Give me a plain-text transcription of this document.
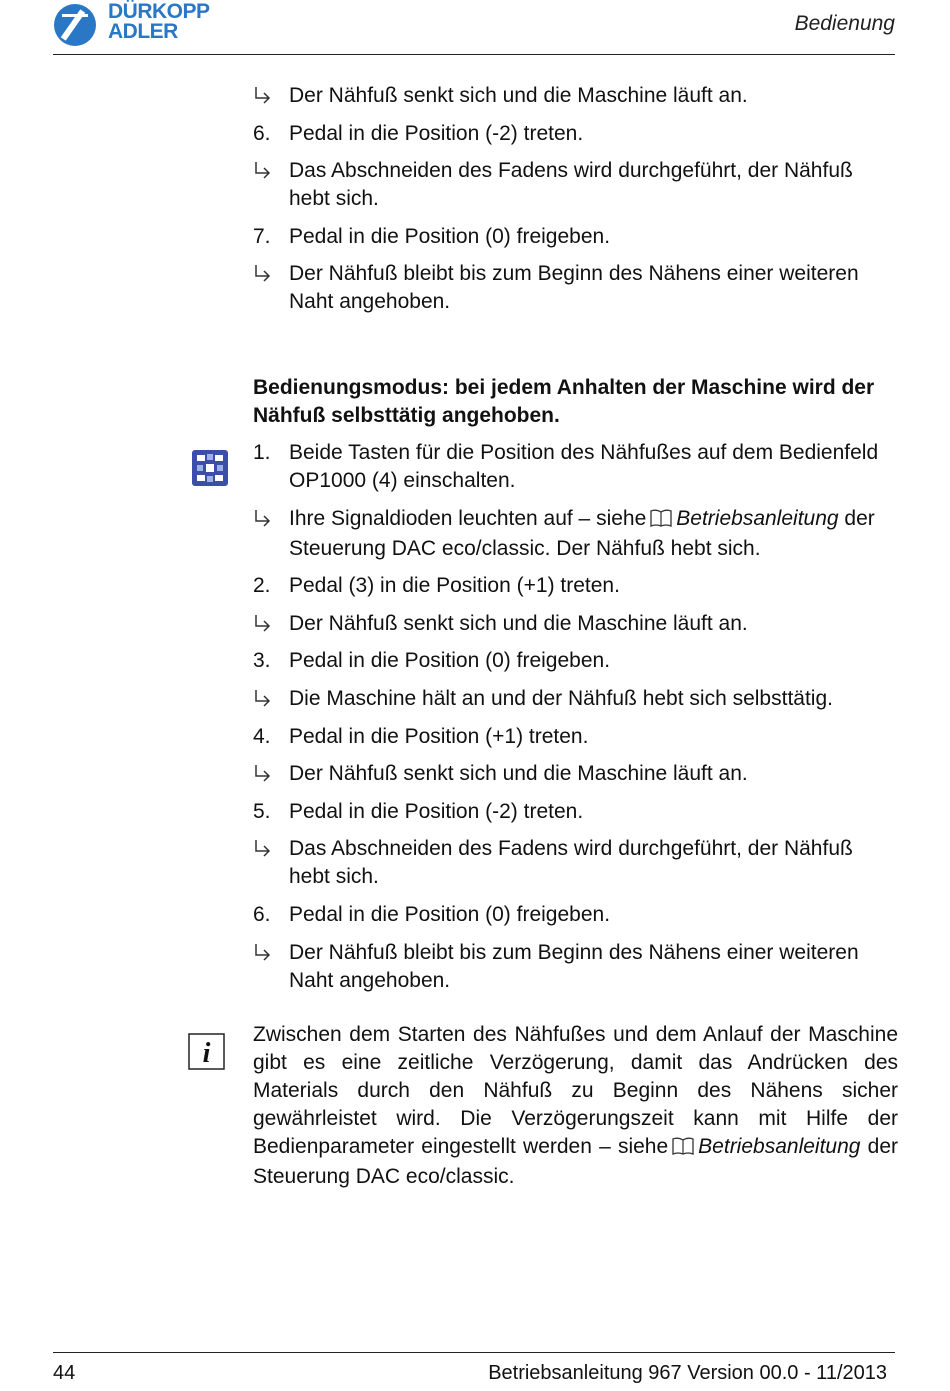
DÜRKOPP
ADLER	Bedienung
Der Nähfuß senkt sich und die Maschine läuft an.
6. Pedal in die Position (-2) treten.
Das Abschneiden des Fadens wird durchgeführt, der Nähfuß hebt sich.
7. Pedal in die Position (0) freigeben.
Der Nähfuß bleibt bis zum Beginn des Nähens einer weiteren Naht angehoben.
Bedienungsmodus: bei jedem Anhalten der Maschine wird der Nähfuß selbsttätig angehoben.
1. Beide Tasten für die Position des Nähfußes auf dem Bedienfeld OP1000 (4) einschalten.
Ihre Signaldioden leuchten auf – siehe Betriebsanleitung der Steuerung DAC eco/classic. Der Nähfuß hebt sich.
2. Pedal (3) in die Position (+1) treten.
Der Nähfuß senkt sich und die Maschine läuft an.
3. Pedal in die Position (0) freigeben.
Die Maschine hält an und der Nähfuß hebt sich selbsttätig.
4. Pedal in die Position (+1) treten.
Der Nähfuß senkt sich und die Maschine läuft an.
5. Pedal in die Position (-2) treten.
Das Abschneiden des Fadens wird durchgeführt, der Nähfuß hebt sich.
6. Pedal in die Position (0) freigeben.
Der Nähfuß bleibt bis zum Beginn des Nähens einer weiteren Naht angehoben.
i
Zwischen dem Starten des Nähfußes und dem Anlauf der Maschine gibt es eine zeitliche Verzögerung, damit das Andrücken des Materials durch den Nähfuß zu Beginn des Nähens sicher gewährleistet wird. Die Verzögerungszeit kann mit Hilfe der Bedienparameter eingestellt werden – siehe Betriebsanleitung der Steuerung DAC eco/classic.
44	Betriebsanleitung 967 Version 00.0 - 11/2013
